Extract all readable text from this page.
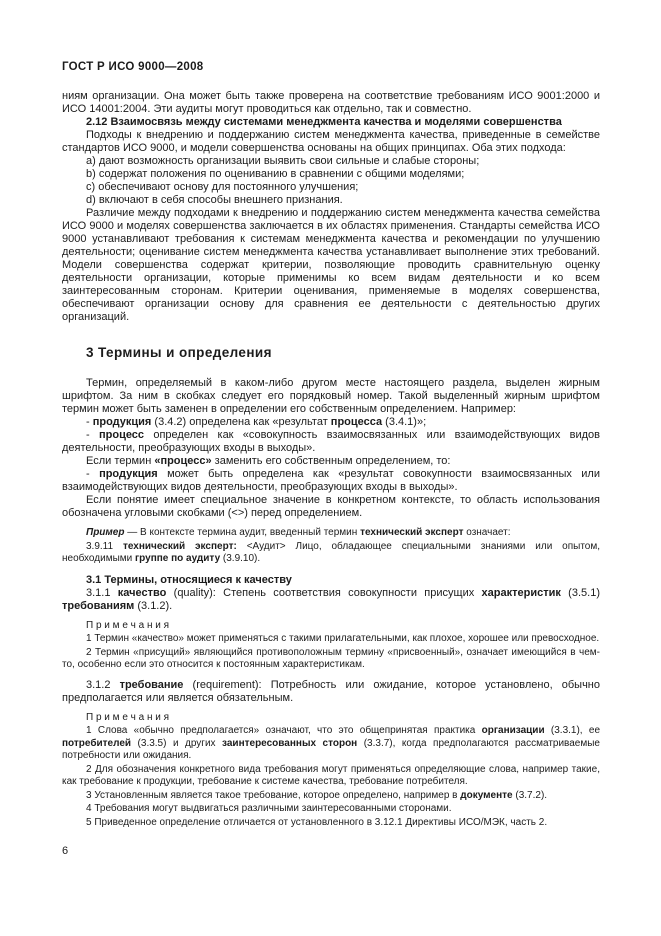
ГОСТ Р ИСО 9000—2008

ниям организации. Она может быть также проверена на соответствие требованиям ИСО 9001:2000 и ИСО 14001:2004. Эти аудиты могут проводиться как отдельно, так и совместно.

2.12 Взаимосвязь между системами менеджмента качества и моделями совершенства

Подходы к внедрению и поддержанию систем менеджмента качества, приведенные в семействе стандартов ИСО 9000, и модели совершенства основаны на общих принципах. Оба этих подхода:

a) дают возможность организации выявить свои сильные и слабые стороны;

b) содержат положения по оцениванию в сравнении с общими моделями;

c) обеспечивают основу для постоянного улучшения;

d) включают в себя способы внешнего признания.

Различие между подходами к внедрению и поддержанию систем менеджмента качества семейства ИСО 9000 и моделях совершенства заключается в их областях применения. Стандарты семейства ИСО 9000 устанавливают требования к системам менеджмента качества и рекомендации по улучшению деятельности; оценивание систем менеджмента качества устанавливает выполнение этих требований. Модели совершенства содержат критерии, позволяющие проводить сравнительную оценку деятельности организации, которые применимы ко всем видам деятельности и ко всем заинтересованным сторонам. Критерии оценивания, применяемые в моделях совершенства, обеспечивают организации основу для сравнения ее деятельности с деятельностью других организаций.

3 Термины и определения

Термин, определяемый в каком-либо другом месте настоящего раздела, выделен жирным шрифтом. За ним в скобках следует его порядковый номер. Такой выделенный жирным шрифтом термин может быть заменен в определении его собственным определением. Например:

- продукция (3.4.2) определена как «результат процесса (3.4.1)»;

- процесс определен как «совокупность взаимосвязанных или взаимодействующих видов деятельности, преобразующих входы в выходы».

Если термин «процесс» заменить его собственным определением, то:

- продукция может быть определена как «результат совокупности взаимосвязанных или взаимодействующих видов деятельности, преобразующих входы в выходы».

Если понятие имеет специальное значение в конкретном контексте, то область использования обозначена угловыми скобками (<>) перед определением.

Пример — В контексте термина аудит, введенный термин технический эксперт означает:

3.9.11 технический эксперт: <Аудит> Лицо, обладающее специальными знаниями или опытом, необходимыми группе по аудиту (3.9.10).

3.1 Термины, относящиеся к качеству

3.1.1 качество (quality): Степень соответствия совокупности присущих характеристик (3.5.1) требованиям (3.1.2).

П р и м е ч а н и я

1 Термин «качество» может применяться с такими прилагательными, как плохое, хорошее или превосходное.

2 Термин «присущий» являющийся противоположным термину «присвоенный», означает имеющийся в чем-то, особенно если это относится к постоянным характеристикам.

3.1.2 требование (requirement): Потребность или ожидание, которое установлено, обычно предполагается или является обязательным.

П р и м е ч а н и я

1 Слова «обычно предполагается» означают, что это общепринятая практика организации (3.3.1), ее потребителей (3.3.5) и других заинтересованных сторон (3.3.7), когда предполагаются рассматриваемые потребности или ожидания.

2 Для обозначения конкретного вида требования могут применяться определяющие слова, например такие, как требование к продукции, требование к системе качества, требование потребителя.

3 Установленным является такое требование, которое определено, например в документе (3.7.2).

4 Требования могут выдвигаться различными заинтересованными сторонами.

5 Приведенное определение отличается от установленного в 3.12.1 Директивы ИСО/МЭК, часть 2.

6
